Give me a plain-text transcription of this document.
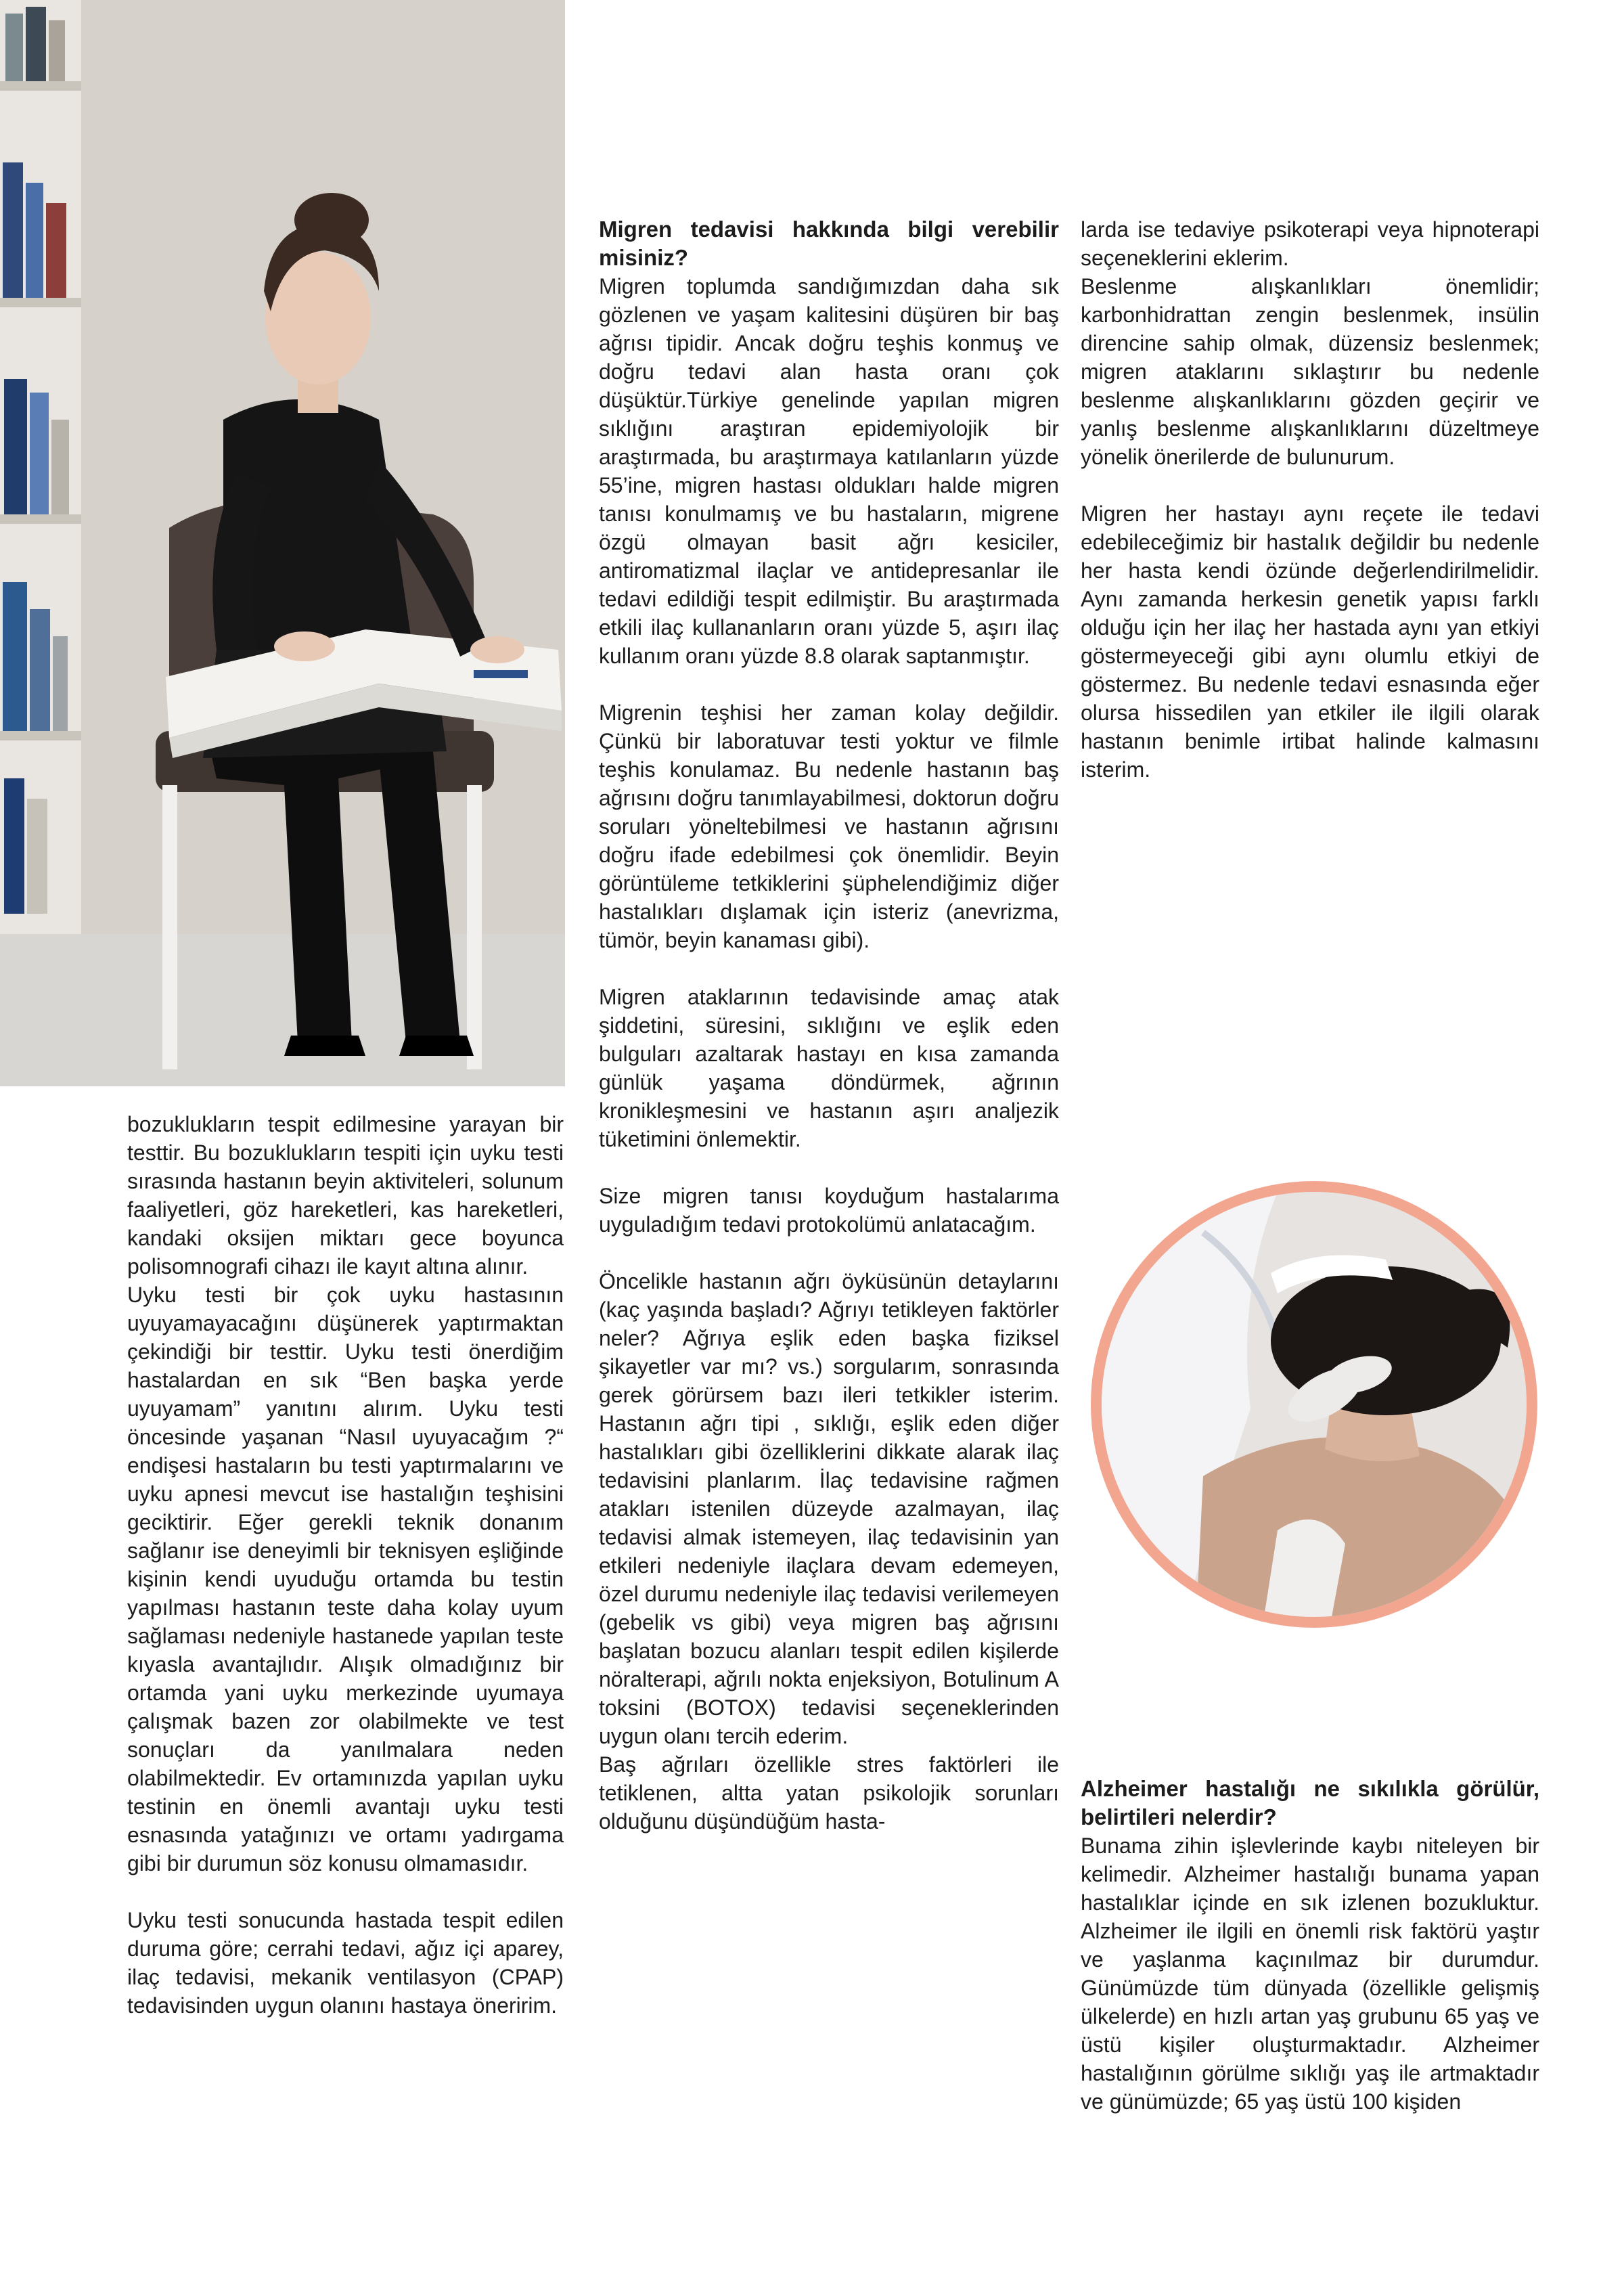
bozuklukların tespit edilmesine yarayan bir testtir. Bu bozuklukların tespiti için uyku testi sırasında hastanın beyin aktiviteleri, solunum faaliyetleri, göz hareketleri, kas hareketleri, kandaki oksijen miktarı gece boyunca polisomnografi cihazı ile kayıt altına alınır.

Uyku testi bir çok uyku hastasının uyuyamayacağını düşünerek yaptırmaktan çekindiği bir testtir. Uyku testi önerdiğim hastalardan en sık “Ben başka yerde uyuyamam” yanıtını alırım. Uyku testi öncesinde yaşanan “Nasıl uyuyacağım ?“ endişesi hastaların bu testi yaptırmalarını ve uyku apnesi mevcut ise hastalığın teşhisini geciktirir. Eğer gerekli teknik donanım sağlanır ise deneyimli bir teknisyen eşliğinde kişinin kendi uyuduğu ortamda bu testin yapılması hastanın teste daha kolay uyum sağlaması nedeniyle hastanede yapılan teste kıyasla avantajlıdır. Alışık olmadığınız bir ortamda yani uyku merkezinde uyumaya çalışmak bazen zor olabilmekte ve test sonuçları da yanılmalara neden olabilmektedir. Ev ortamınızda yapılan uyku testinin en önemli avantajı uyku testi esnasında yatağınızı ve ortamı yadırgama gibi bir durumun söz konusu olmamasıdır.

Uyku testi sonucunda hastada tespit edilen duruma göre; cerrahi tedavi, ağız içi aparey, ilaç tedavisi, mekanik ventilasyon (CPAP) tedavisinden uygun olanını hastaya öneririm.

Migren tedavisi hakkında bilgi verebilir misiniz?

Migren toplumda sandığımızdan daha sık gözlenen ve yaşam kalitesini düşüren bir baş ağrısı tipidir. Ancak doğru teşhis konmuş ve doğru tedavi alan hasta oranı çok düşüktür.Türkiye genelinde yapılan migren sıklığını araştıran epidemiyolojik bir araştırmada, bu araştırmaya katılanların yüzde 55’ine, migren hastası oldukları halde migren tanısı konulmamış ve bu hastaların, migrene özgü olmayan basit ağrı kesiciler, antiromatizmal ilaçlar ve antidepresanlar ile tedavi edildiği tespit edilmiştir. Bu araştırmada etkili ilaç kullananların oranı yüzde 5, aşırı ilaç kullanım oranı yüzde 8.8 olarak saptanmıştır.

Migrenin teşhisi her zaman kolay değildir. Çünkü bir laboratuvar testi yoktur ve filmle teşhis konulamaz. Bu nedenle hastanın baş ağrısını doğru tanımlayabilmesi, doktorun doğru soruları yöneltebilmesi ve hastanın ağrısını doğru ifade edebilmesi çok önemlidir. Beyin görüntüleme tetkiklerini şüphelendiğimiz diğer hastalıkları dışlamak için isteriz (anevrizma, tümör, beyin kanaması gibi).

Migren ataklarının tedavisinde amaç atak şiddetini, süresini, sıklığını ve eşlik eden bulguları azaltarak hastayı en kısa zamanda günlük yaşama döndürmek, ağrının kronikleşmesini ve hastanın aşırı analjezik tüketimini önlemektir.

Size migren tanısı koyduğum hastalarıma uyguladığım tedavi protokolümü anlatacağım.

Öncelikle hastanın ağrı öyküsünün detaylarını (kaç yaşında başladı? Ağrıyı tetikleyen faktörler neler? Ağrıya eşlik eden başka fiziksel şikayetler var mı? vs.) sorgularım, sonrasında gerek görürsem bazı ileri tetkikler isterim. Hastanın ağrı tipi , sıklığı, eşlik eden diğer hastalıkları gibi özelliklerini dikkate alarak ilaç tedavisini planlarım. İlaç tedavisine rağmen atakları istenilen düzeyde azalmayan, ilaç tedavisi almak istemeyen, ilaç tedavisinin yan etkileri nedeniyle ilaçlara devam edemeyen, özel durumu nedeniyle ilaç tedavisi verilemeyen (gebelik vs gibi) veya migren baş ağrısını başlatan bozucu alanları tespit edilen kişilerde nöralterapi, ağrılı nokta enjeksiyon, Botulinum A toksini (BOTOX) tedavisi seçeneklerinden uygun olanı tercih ederim.

Baş ağrıları özellikle stres faktörleri ile tetiklenen, altta yatan psikolojik sorunları olduğunu düşündüğüm hasta-

larda ise tedaviye psikoterapi veya hipnoterapi seçeneklerini eklerim.

Beslenme alışkanlıkları önemlidir; karbonhidrattan zengin beslenmek, insülin direncine sahip olmak, düzensiz beslenmek; migren ataklarını sıklaştırır bu nedenle beslenme alışkanlıklarını gözden geçirir ve yanlış beslenme alışkanlıklarını düzeltmeye yönelik önerilerde de bulunurum.

Migren her hastayı aynı reçete ile tedavi edebileceğimiz bir hastalık değildir bu nedenle her hasta kendi özünde değerlendirilmelidir. Aynı zamanda herkesin genetik yapısı farklı olduğu için her ilaç her hastada aynı yan etkiyi göstermeyeceği gibi aynı olumlu etkiyi de göstermez. Bu nedenle tedavi esnasında eğer olursa hissedilen yan etkiler ile ilgili olarak hastanın benimle irtibat halinde kalmasını isterim.

Alzheimer hastalığı ne sıkılıkla görülür, belirtileri nelerdir?

Bunama zihin işlevlerinde kaybı niteleyen bir kelimedir. Alzheimer hastalığı bunama yapan hastalıklar içinde en sık izlenen bozukluktur. Alzheimer ile ilgili en önemli risk faktörü yaştır ve yaşlanma kaçınılmaz bir durumdur. Günümüzde tüm dünyada (özellikle gelişmiş ülkelerde) en hızlı artan yaş grubunu 65 yaş ve üstü kişiler oluşturmaktadır. Alzheimer hastalığının görülme sıklığı yaş ile artmaktadır ve günümüzde; 65 yaş üstü 100 kişiden
